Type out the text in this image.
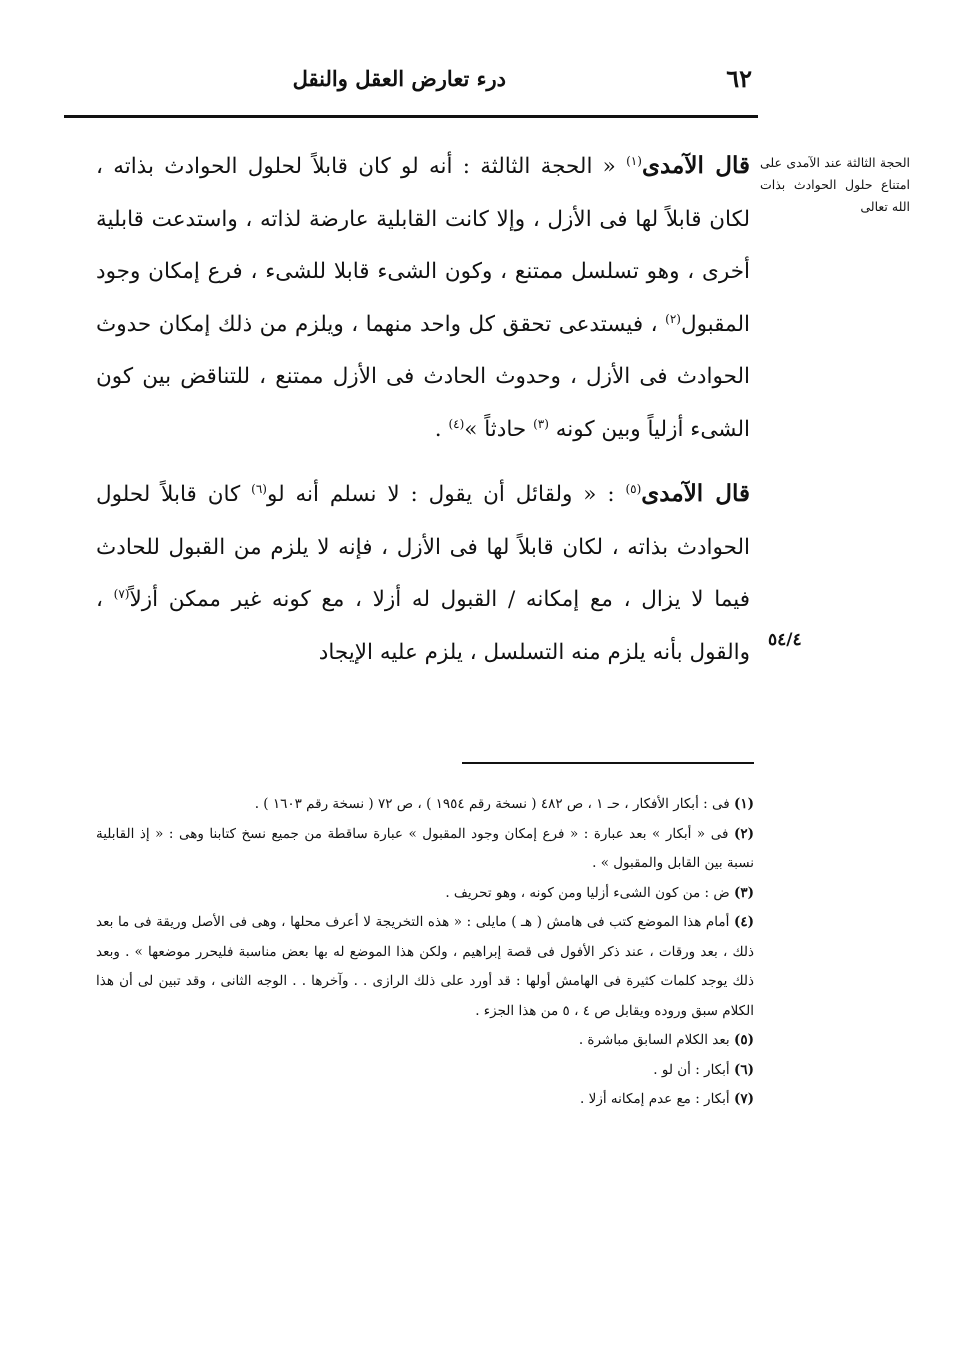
٦٢
درء تعارض العقل والنقل
الحجة الثالثة عند الآمدى على امتناع حلول الحوادث بذات الله تعالى
٥٤/٤

قال الآمدى$^{(١)}$ « الحجة الثالثة : أنه لو كان قابلاً لحلول الحوادث بذاته ، لكان قابلاً لها فى الأزل ، وإلا كانت القابلية عارضة لذاته ، واستدعت قابلية أخرى ، وهو تسلسل ممتنع ، وكون الشىء قابلا للشىء ، فرع إمكان وجود المقبول$^{(٢)}$ ، فيستدعى تحقق كل واحد منهما ، ويلزم من ذلك إمكان حدوث الحوادث فى الأزل ، وحدوث الحادث فى الأزل ممتنع ، للتناقض بين كون الشىء أزلياً وبين كونه $^{(٣)}$ حادثاً »$^{(٤)}$ .

قال الآمدى$^{(٥)}$ : « ولقائل أن يقول : لا نسلم أنه لو$^{(٦)}$ كان قابلاً لحلول الحوادث بذاته ، لكان قابلاً لها فى الأزل ، فإنه لا يلزم من القبول للحادث فيما لا يزال ، مع إمكانه / القبول له أزلا ، مع كونه غير ممكن أزلاً$^{(٧)}$ ، والقول بأنه يلزم منه التسلسل ، يلزم عليه الإيجاد

(١) فى : أبكار الأفكار ، حـ ١ ، ص ٤٨٢ ( نسخة رقم ١٩٥٤ ) ، ص ٧٢ ( نسخة رقم ١٦٠٣ ) .

(٢) فى « أبكار » بعد عبارة : « فرع إمكان وجود المقبول » عبارة ساقطة من جميع نسخ كتابنا وهى : « إذ القابلية نسبة بين القابل والمقبول » .

(٣) ض : من كون الشىء أزليا ومن كونه ، وهو تحريف .

(٤) أمام هذا الموضع كتب فى هامش ( هـ ) مايلى : « هذه التخريجة لا أعرف محلها ، وهى فى الأصل وريقة فى ما بعد ذلك ، بعد ورقات ، عند ذكر الأفول فى قصة إبراهيم ، ولكن هذا الموضع له بها بعض مناسبة فليحرر موضعها » . وبعد ذلك يوجد كلمات كثيرة فى الهامش أولها : قد أورد على ذلك الرازى . . وآخرها . . الوجه الثانى ، وقد تبين لى أن هذا الكلام سبق وروده ويقابل ص ٤ ، ٥ من هذا الجزء .

(٥) بعد الكلام السابق مباشرة .

(٦) أبكار : أن لو .

(٧) أبكار : مع عدم إمكانه أزلا .
